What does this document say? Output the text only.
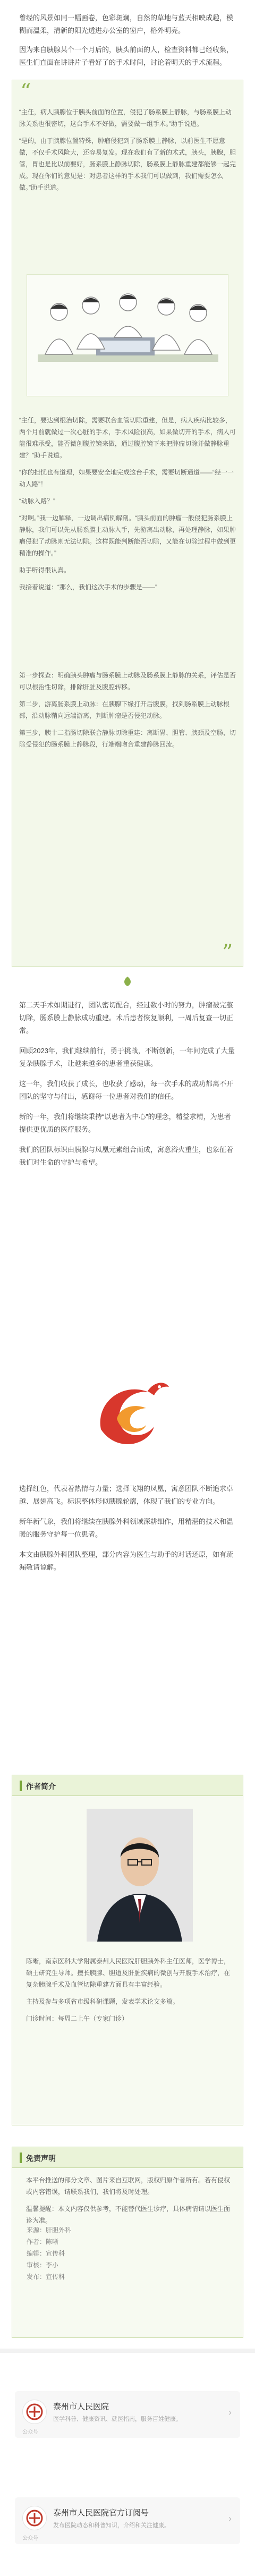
曾经的风景如同一幅画卷，色彩斑斓，自然的草地与蓝天相映成趣，模糊而温柔，清新的阳光透进办公室的窗户，格外明亮。

因为来自胰腺某个一个月后的，胰头前面的人，检查资料都已经收集，医生们直面在讲讲片子看好了的手术时间，讨论着明天的手术流程。

“

“主任，病人胰腺位于胰头前面的位置，侵犯了肠系膜上静脉，与肠系膜上动脉关系也很密切，这台手术不好做，需要做一组手术。”助手说道。

“是的，由于胰腺位置特殊，肿瘤侵犯到了肠系膜上静脉，以前医生不愿意做，不仅手术风险大，还容易复发。现在我们有了新的术式，胰头，胰腺，胆管，胃也是比以前要好，肠系膜上静脉切除，肠系膜上静脉重建都能够一起完成。现在你们的意见是：对患者这样的手术我们可以做到，我们需要怎么做。”助手说道。

“主任，要达到根治切除，需要联合血管切除重建，但是，病人疾病比较多，两个月前就做过一次心脏的手术，手术风险很高，如果做切开的手术，病人可能很难承受，能否微创腹腔镜来做，通过腹腔镜下来把肿瘤切除并做静脉重建？”助手说道。

“你的担忧也有道理，如果要安全地完成这台手术，需要切断通道——“经一一动人路”！

“动脉入路？”

“对啊。”我一边解释，一边调出病例解剖。“胰头前面的肿瘤一般侵犯肠系膜上静脉，我们可以先从肠系膜上动脉入手，先游离出动脉，再处理静脉，如果肿瘤侵犯了动脉则无法切除。这样既能判断能否切除，又能在切除过程中做到更精准的操作。”

助手听得很认真。

我接着说道：“那么，我们这次手术的步骤是——”

第一步探查：明确胰头肿瘤与肠系膜上动脉及肠系膜上静脉的关系，评估是否可以根治性切除，排除肝脏及腹腔转移。

第二步，游离肠系膜上动脉：在胰腺下缘打开后腹膜，找到肠系膜上动脉根部，沿动脉鞘向远端游离，判断肿瘤是否侵犯动脉。

第三步，胰十二指肠切除联合静脉切除重建：离断胃、胆管、胰颈及空肠，切除受侵犯的肠系膜上静脉段，行端端吻合重建静脉回流。

”

第二天手术如期进行，团队密切配合，经过数小时的努力，肿瘤被完整切除，肠系膜上静脉成功重建。术后患者恢复顺利，一周后复查一切正常。

回顾2023年，我们继续前行，勇于挑战，不断创新，一年间完成了大量复杂胰腺手术，让越来越多的患者重获健康。

这一年，我们收获了成长，也收获了感动，每一次手术的成功都离不开团队的坚守与付出，感谢每一位患者对我们的信任。

新的一年，我们将继续秉持“以患者为中心”的理念，精益求精，为患者提供更优质的医疗服务。

我们的团队标识由胰腺与凤凰元素组合而成，寓意浴火重生，也象征着我们对生命的守护与希望。

选择红色，代表着热情与力量；选择飞翔的凤凰，寓意团队不断追求卓越、展翅高飞。标识整体形似胰腺轮廓，体现了我们的专业方向。

新年新气象，我们将继续在胰腺外科领域深耕细作，用精湛的技术和温暖的服务守护每一位患者。

本文由胰腺外科团队整理，部分内容为医生与助手的对话还原，如有疏漏敬请谅解。

作者简介

陈晰，南京医科大学附属泰州人民医院肝胆胰外科主任医师，医学博士，硕士研究生导师。擅长胰腺、胆道及肝脏疾病的微创与开腹手术治疗，在复杂胰腺手术及血管切除重建方面具有丰富经验。

主持及参与多项省市级科研课题，发表学术论文多篇。

门诊时间：每周二上午（专家门诊）

免责声明

本平台推送的部分文章、图片来自互联网，版权归原作者所有。若有侵权或内容错误，请联系我们，我们将及时处理。

温馨提醒：本文内容仅供参考，不能替代医生诊疗，具体病情请以医生面诊为准。

来源：肝胆外科
作者：陈晰
编辑：宣传科
审核：李小
发布：宣传科
泰州市人民医院
医学科普、健康资讯、就医指南，服务百姓健康。
›
公众号
泰州市人民医院官方订阅号
发布医院动态和科普知识，介绍和关注健康。
›
公众号
